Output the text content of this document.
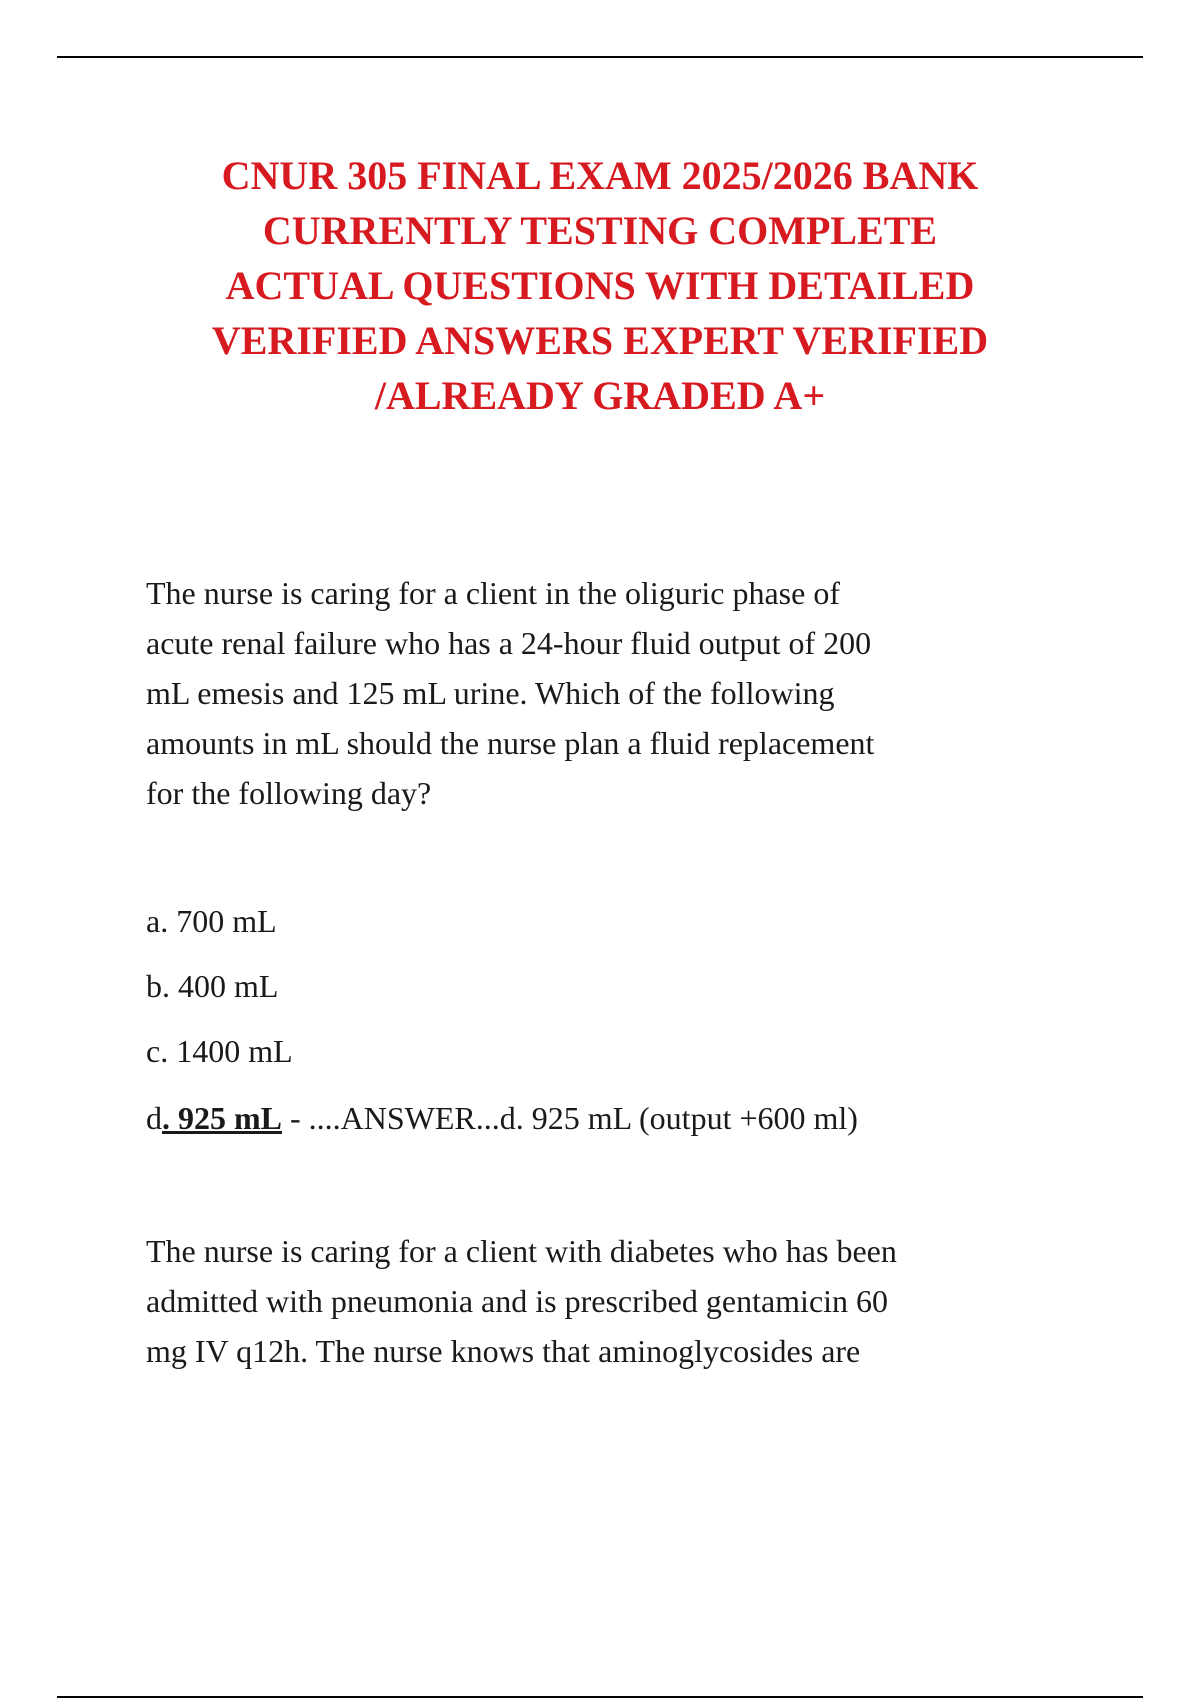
CNUR 305 FINAL EXAM 2025/2026 BANK
CURRENTLY TESTING COMPLETE
ACTUAL QUESTIONS WITH DETAILED
VERIFIED ANSWERS EXPERT VERIFIED
/ALREADY GRADED A+
The nurse is caring for a client in the oliguric phase of
acute renal failure who has a 24-hour fluid output of 200
mL emesis and 125 mL urine. Which of the following
amounts in mL should the nurse plan a fluid replacement
for the following day?
a. 700 mL
b. 400 mL
c. 1400 mL
d. 925 mL - ....ANSWER...d. 925 mL (output +600 ml)
The nurse is caring for a client with diabetes who has been
admitted with pneumonia and is prescribed gentamicin 60
mg IV q12h. The nurse knows that aminoglycosides are
